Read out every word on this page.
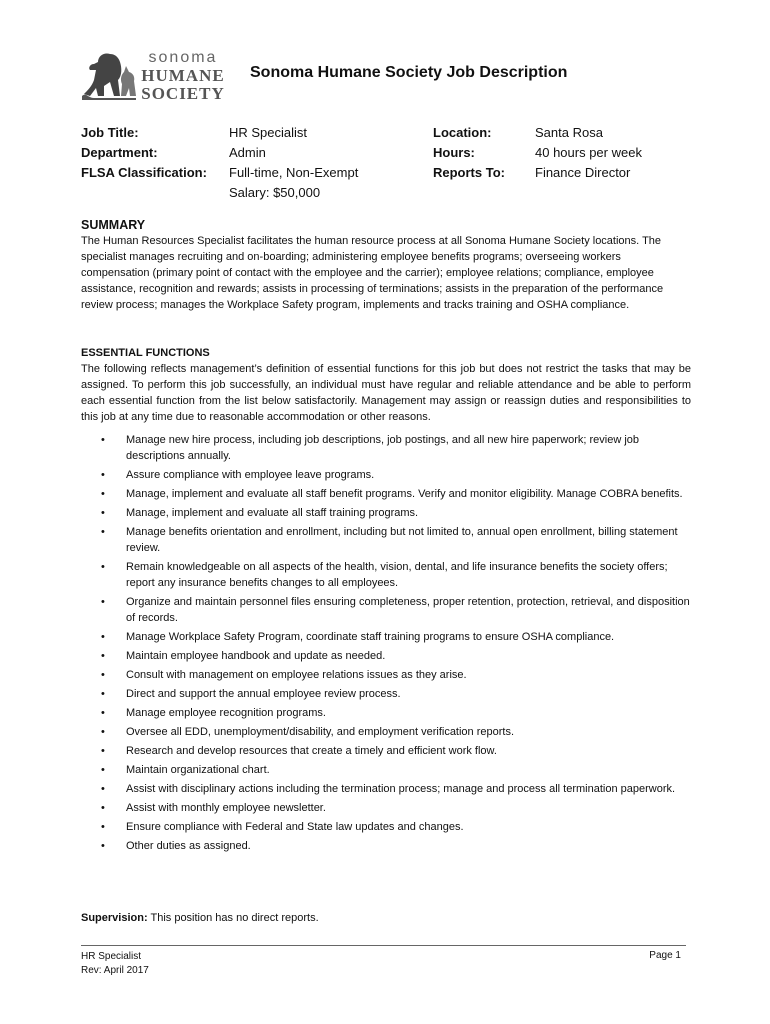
sonoma
HUMANE
SOCIETY
Sonoma Humane Society Job Description
Job Title:
Department:
FLSA Classification:
HR Specialist
Admin
Full-time, Non-Exempt
Salary: $50,000
Location:
Hours:
Reports To:
Santa Rosa
40 hours per week
Finance Director
SUMMARY
The Human Resources Specialist facilitates the human resource process at all Sonoma Humane Society locations. The specialist manages recruiting and on-boarding; administering employee benefits programs; overseeing workers compensation (primary point of contact with the employee and the carrier); employee relations; compliance, employee assistance, recognition and rewards; assists in processing of terminations; assists in the preparation of the performance review process; manages the Workplace Safety program, implements and tracks training and OSHA compliance.
ESSENTIAL FUNCTIONS
The following reflects management’s definition of essential functions for this job but does not restrict the tasks that may be assigned. To perform this job successfully, an individual must have regular and reliable attendance and be able to perform each essential function from the list below satisfactorily. Management may assign or reassign duties and responsibilities to this job at any time due to reasonable accommodation or other reasons.
• Manage new hire process, including job descriptions, job postings, and all new hire paperwork; review job descriptions annually.
• Assure compliance with employee leave programs.
• Manage, implement and evaluate all staff benefit programs. Verify and monitor eligibility. Manage COBRA benefits.
• Manage, implement and evaluate all staff training programs.
• Manage benefits orientation and enrollment, including but not limited to, annual open enrollment, billing statement review.
• Remain knowledgeable on all aspects of the health, vision, dental, and life insurance benefits the society offers; report any insurance benefits changes to all employees.
• Organize and maintain personnel files ensuring completeness, proper retention, protection, retrieval, and disposition of records.
• Manage Workplace Safety Program, coordinate staff training programs to ensure OSHA compliance.
• Maintain employee handbook and update as needed.
• Consult with management on employee relations issues as they arise.
• Direct and support the annual employee review process.
• Manage employee recognition programs.
• Oversee all EDD, unemployment/disability, and employment verification reports.
• Research and develop resources that create a timely and efficient work flow.
• Maintain organizational chart.
• Assist with disciplinary actions including the termination process; manage and process all termination paperwork.
• Assist with monthly employee newsletter.
• Ensure compliance with Federal and State law updates and changes.
• Other duties as assigned.
Supervision: This position has no direct reports.
HR Specialist
Rev: April 2017
Page 1
